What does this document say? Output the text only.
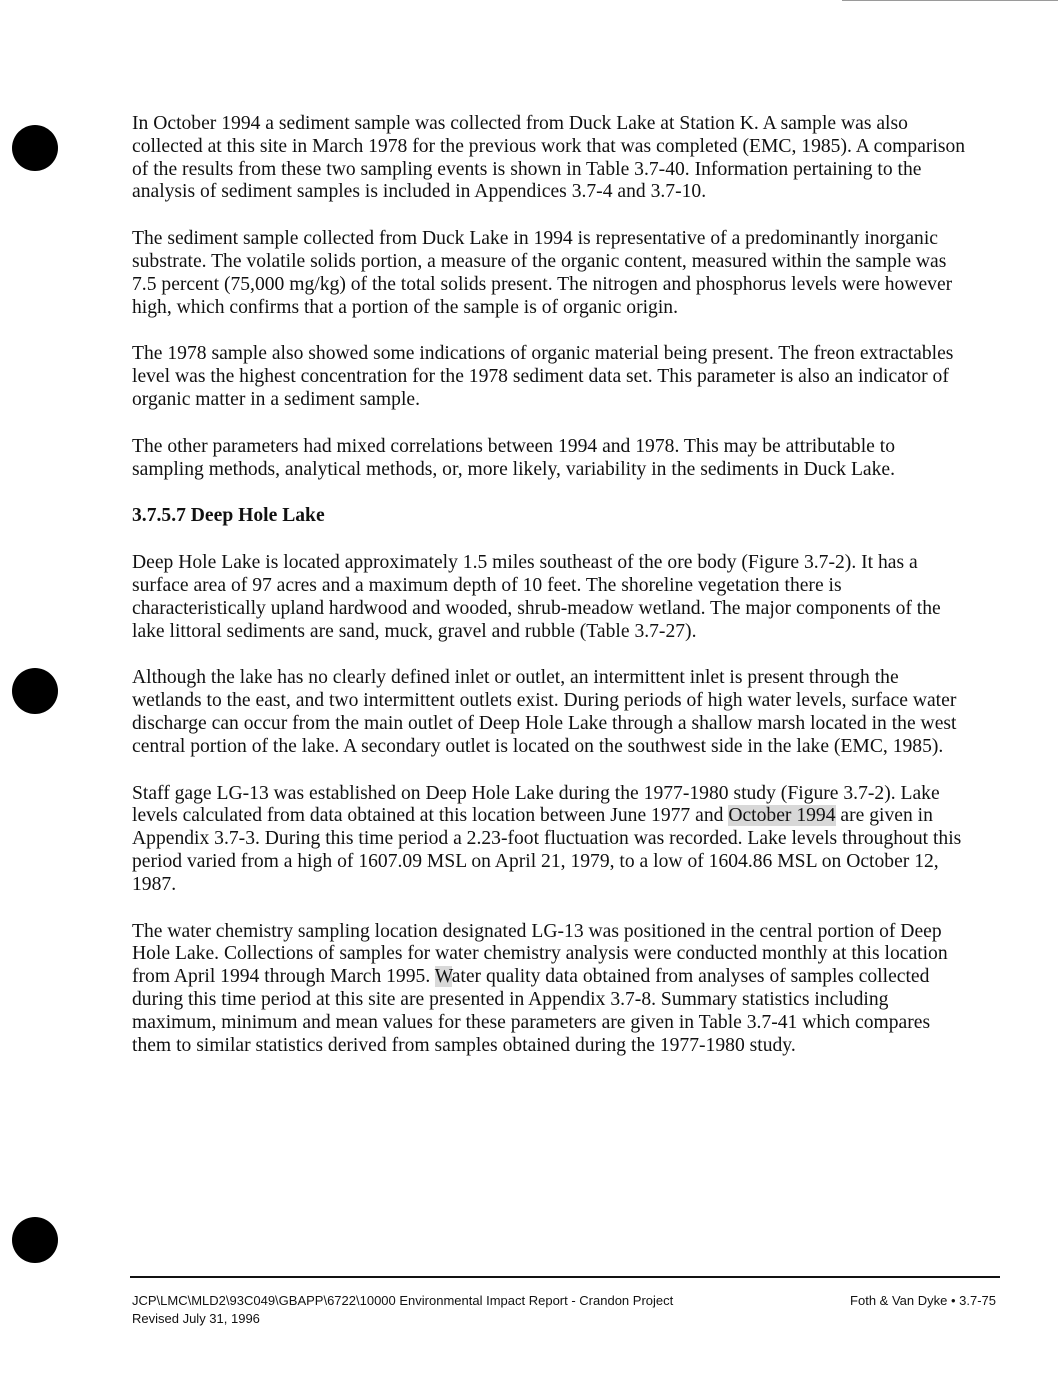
In October 1994 a sediment sample was collected from Duck Lake at Station K. A sample was also collected at this site in March 1978 for the previous work that was completed (EMC, 1985). A comparison of the results from these two sampling events is shown in Table 3.7-40. Information pertaining to the analysis of sediment samples is included in Appendices 3.7-4 and 3.7-10.

The sediment sample collected from Duck Lake in 1994 is representative of a predominantly inorganic substrate. The volatile solids portion, a measure of the organic content, measured within the sample was 7.5 percent (75,000 mg/kg) of the total solids present. The nitrogen and phosphorus levels were however high, which confirms that a portion of the sample is of organic origin.

The 1978 sample also showed some indications of organic material being present. The freon extractables level was the highest concentration for the 1978 sediment data set. This parameter is also an indicator of organic matter in a sediment sample.

The other parameters had mixed correlations between 1994 and 1978. This may be attributable to sampling methods, analytical methods, or, more likely, variability in the sediments in Duck Lake.

3.7.5.7 Deep Hole Lake

Deep Hole Lake is located approximately 1.5 miles southeast of the ore body (Figure 3.7-2). It has a surface area of 97 acres and a maximum depth of 10 feet. The shoreline vegetation there is characteristically upland hardwood and wooded, shrub-meadow wetland. The major components of the lake littoral sediments are sand, muck, gravel and rubble (Table 3.7-27).

Although the lake has no clearly defined inlet or outlet, an intermittent inlet is present through the wetlands to the east, and two intermittent outlets exist. During periods of high water levels, surface water discharge can occur from the main outlet of Deep Hole Lake through a shallow marsh located in the west central portion of the lake. A secondary outlet is located on the southwest side in the lake (EMC, 1985).

Staff gage LG-13 was established on Deep Hole Lake during the 1977-1980 study (Figure 3.7-2). Lake levels calculated from data obtained at this location between June 1977 and October 1994 are given in Appendix 3.7-3. During this time period a 2.23-foot fluctuation was recorded. Lake levels throughout this period varied from a high of 1607.09 MSL on April 21, 1979, to a low of 1604.86 MSL on October 12, 1987.

The water chemistry sampling location designated LG-13 was positioned in the central portion of Deep Hole Lake. Collections of samples for water chemistry analysis were conducted monthly at this location from April 1994 through March 1995. Water quality data obtained from analyses of samples collected during this time period at this site are presented in Appendix 3.7-8. Summary statistics including maximum, minimum and mean values for these parameters are given in Table 3.7-41 which compares them to similar statistics derived from samples obtained during the 1977-1980 study.

JCP\LMC\MLD2\93C049\GBAPP\6722\10000 Environmental Impact Report - Crandon Project
Revised July 31, 1996
Foth & Van Dyke • 3.7-75
